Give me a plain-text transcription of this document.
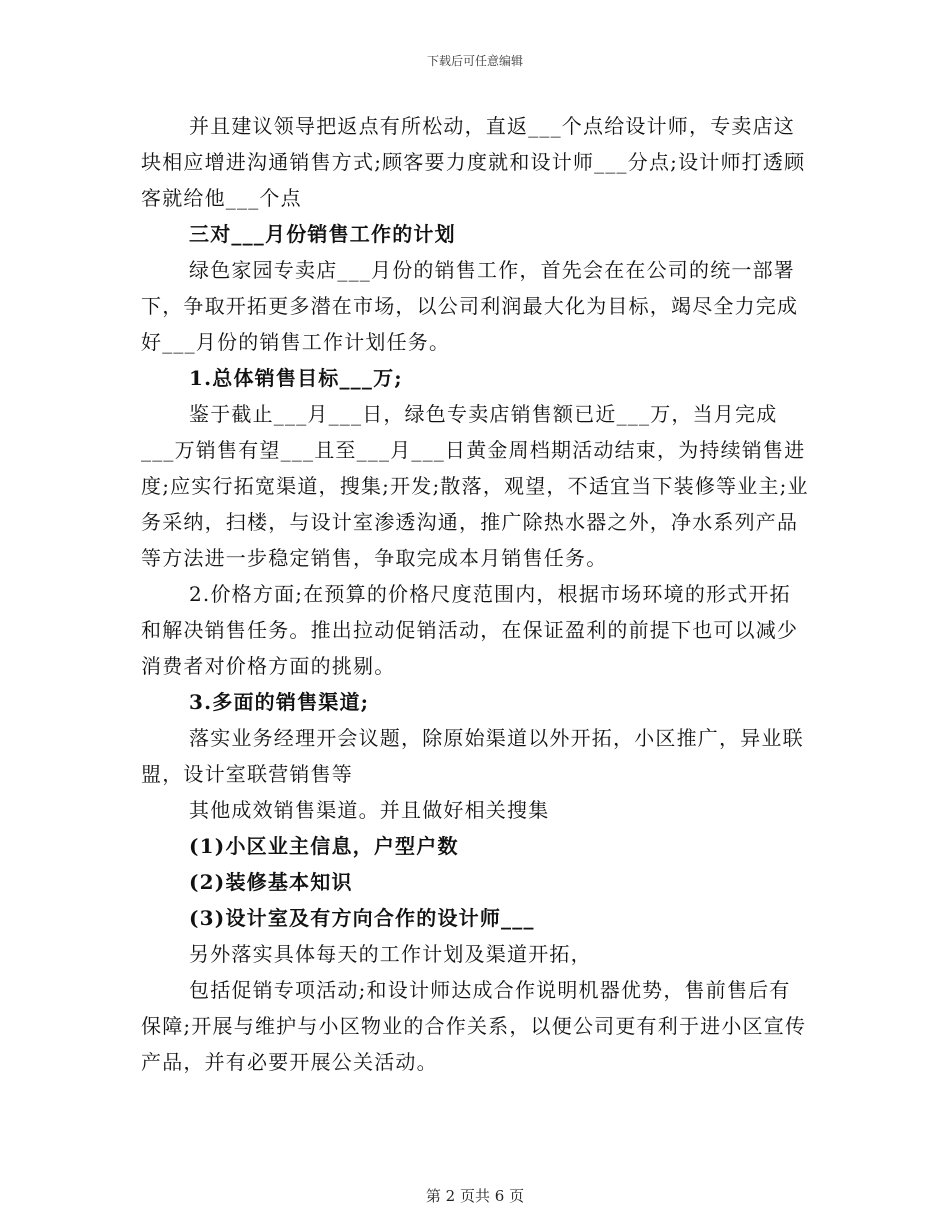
下载后可任意编辑

并且建议领导把返点有所松动，直返___个点给设计师，专卖店这块相应增进沟通销售方式;顾客要力度就和设计师___分点;设计师打透顾客就给他___个点

三对___月份销售工作的计划

绿色家园专卖店___月份的销售工作，首先会在在公司的统一部署下，争取开拓更多潜在市场，以公司利润最大化为目标，竭尽全力完成好___月份的销售工作计划任务。

1.总体销售目标___万;

鉴于截止___月___日，绿色专卖店销售额已近___万，当月完成___万销售有望___且至___月___日黄金周档期活动结束，为持续销售进度;应实行拓宽渠道，搜集;开发;散落，观望，不适宜当下装修等业主;业务采纳，扫楼，与设计室渗透沟通，推广除热水器之外，净水系列产品等方法进一步稳定销售，争取完成本月销售任务。

2.价格方面;在预算的价格尺度范围内，根据市场环境的形式开拓和解决销售任务。推出拉动促销活动，在保证盈利的前提下也可以减少消费者对价格方面的挑剔。

3.多面的销售渠道;

落实业务经理开会议题，除原始渠道以外开拓，小区推广，异业联盟，设计室联营销售等

其他成效销售渠道。并且做好相关搜集

(1)小区业主信息，户型户数

(2)装修基本知识

(3)设计室及有方向合作的设计师___

另外落实具体每天的工作计划及渠道开拓，

包括促销专项活动;和设计师达成合作说明机器优势，售前售后有保障;开展与维护与小区物业的合作关系，以便公司更有利于进小区宣传产品，并有必要开展公关活动。

第 2 页共 6 页
